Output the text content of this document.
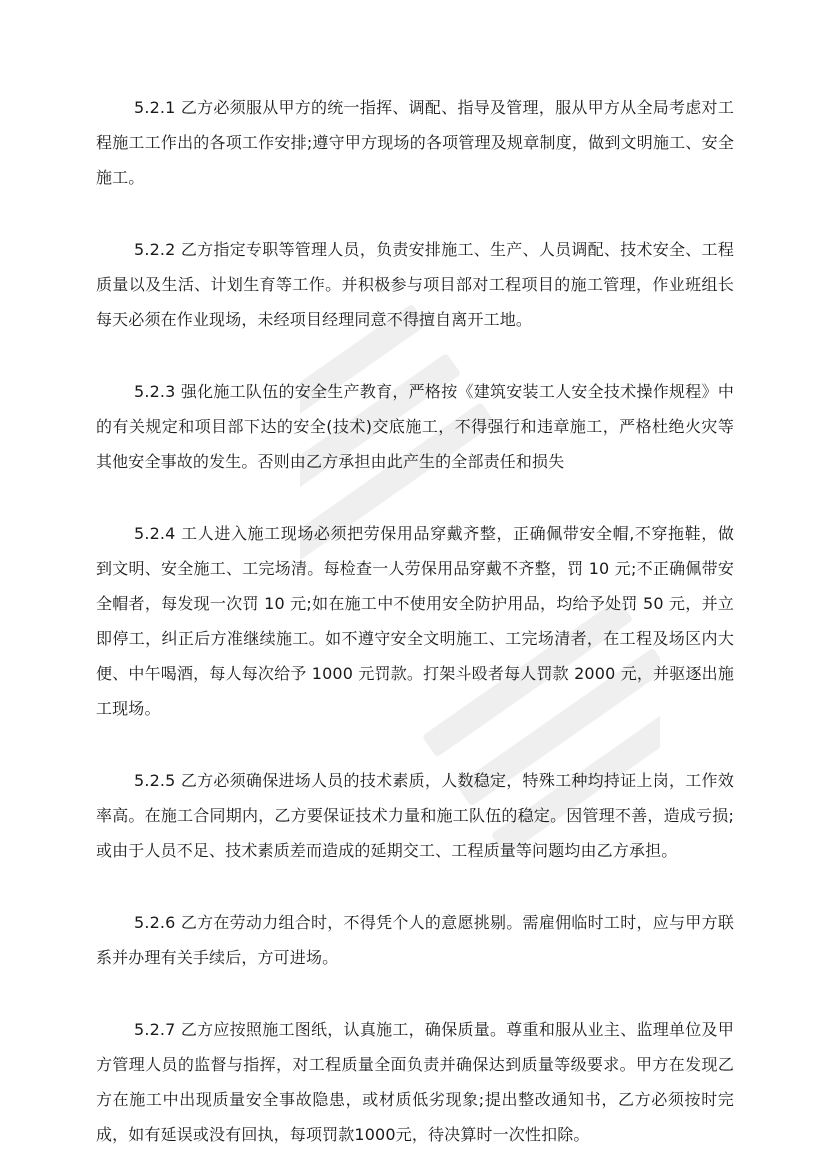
5.2.1 乙方必须服从甲方的统一指挥、调配、指导及管理，服从甲方从全局考虑对工程施工工作出的各项工作安排;遵守甲方现场的各项管理及规章制度，做到文明施工、安全施工。

5.2.2 乙方指定专职等管理人员，负责安排施工、生产、人员调配、技术安全、工程质量以及生活、计划生育等工作。并积极参与项目部对工程项目的施工管理，作业班组长每天必须在作业现场，未经项目经理同意不得擅自离开工地。

5.2.3 强化施工队伍的安全生产教育，严格按《建筑安装工人安全技术操作规程》中的有关规定和项目部下达的安全(技术)交底施工，不得强行和违章施工，严格杜绝火灾等其他安全事故的发生。否则由乙方承担由此产生的全部责任和损失

5.2.4 工人进入施工现场必须把劳保用品穿戴齐整，正确佩带安全帽,不穿拖鞋，做到文明、安全施工、工完场清。每检查一人劳保用品穿戴不齐整，罚 10 元;不正确佩带安全帽者，每发现一次罚 10 元;如在施工中不使用安全防护用品，均给予处罚 50 元，并立即停工，纠正后方准继续施工。如不遵守安全文明施工、工完场清者，在工程及场区内大便、中午喝酒，每人每次给予 1000 元罚款。打架斗殴者每人罚款 2000 元，并驱逐出施工现场。

5.2.5 乙方必须确保进场人员的技术素质，人数稳定，特殊工种均持证上岗，工作效率高。在施工合同期内，乙方要保证技术力量和施工队伍的稳定。因管理不善，造成亏损;或由于人员不足、技术素质差而造成的延期交工、工程质量等问题均由乙方承担。

5.2.6 乙方在劳动力组合时，不得凭个人的意愿挑剔。需雇佣临时工时，应与甲方联系并办理有关手续后，方可进场。

5.2.7 乙方应按照施工图纸，认真施工，确保质量。尊重和服从业主、监理单位及甲方管理人员的监督与指挥，对工程质量全面负责并确保达到质量等级要求。甲方在发现乙方在施工中出现质量安全事故隐患，或材质低劣现象;提出整改通知书，乙方必须按时完成，如有延误或没有回执，每项罚款1000元，待决算时一次性扣除。
